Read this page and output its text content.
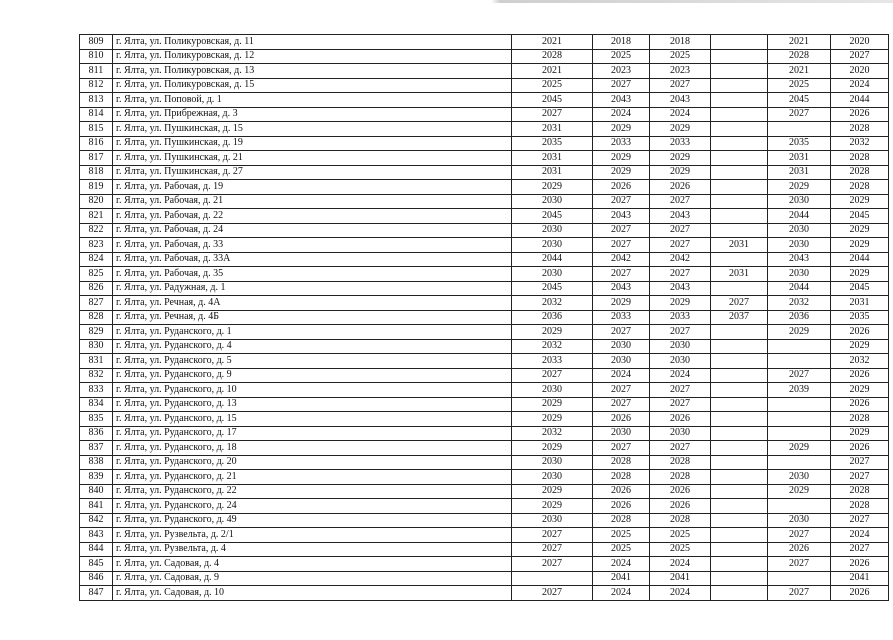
809	г. Ялта, ул. Поликуровская, д. 11	2021	2018	2018		2021	2020
810	г. Ялта, ул. Поликуровская, д. 12	2028	2025	2025		2028	2027
811	г. Ялта, ул. Поликуровская, д. 13	2021	2023	2023		2021	2020
812	г. Ялта, ул. Поликуровская, д. 15	2025	2027	2027		2025	2024
813	г. Ялта, ул. Поповой, д. 1	2045	2043	2043		2045	2044
814	г. Ялта, ул. Прибрежная, д. 3	2027	2024	2024		2027	2026
815	г. Ялта, ул. Пушкинская, д. 15	2031	2029	2029			2028
816	г. Ялта, ул. Пушкинская, д. 19	2035	2033	2033		2035	2032
817	г. Ялта, ул. Пушкинская, д. 21	2031	2029	2029		2031	2028
818	г. Ялта, ул. Пушкинская, д. 27	2031	2029	2029		2031	2028
819	г. Ялта, ул. Рабочая, д. 19	2029	2026	2026		2029	2028
820	г. Ялта, ул. Рабочая, д. 21	2030	2027	2027		2030	2029
821	г. Ялта, ул. Рабочая, д. 22	2045	2043	2043		2044	2045
822	г. Ялта, ул. Рабочая, д. 24	2030	2027	2027		2030	2029
823	г. Ялта, ул. Рабочая, д. 33	2030	2027	2027	2031	2030	2029
824	г. Ялта, ул. Рабочая, д. 33А	2044	2042	2042		2043	2044
825	г. Ялта, ул. Рабочая, д. 35	2030	2027	2027	2031	2030	2029
826	г. Ялта, ул. Радужная, д. 1	2045	2043	2043		2044	2045
827	г. Ялта, ул. Речная, д. 4А	2032	2029	2029	2027	2032	2031
828	г. Ялта, ул. Речная, д. 4Б	2036	2033	2033	2037	2036	2035
829	г. Ялта, ул. Руданского, д. 1	2029	2027	2027		2029	2026
830	г. Ялта, ул. Руданского, д. 4	2032	2030	2030			2029
831	г. Ялта, ул. Руданского, д. 5	2033	2030	2030			2032
832	г. Ялта, ул. Руданского, д. 9	2027	2024	2024		2027	2026
833	г. Ялта, ул. Руданского, д. 10	2030	2027	2027		2039	2029
834	г. Ялта, ул. Руданского, д. 13	2029	2027	2027			2026
835	г. Ялта, ул. Руданского, д. 15	2029	2026	2026			2028
836	г. Ялта, ул. Руданского, д. 17	2032	2030	2030			2029
837	г. Ялта, ул. Руданского, д. 18	2029	2027	2027		2029	2026
838	г. Ялта, ул. Руданского, д. 20	2030	2028	2028			2027
839	г. Ялта, ул. Руданского, д. 21	2030	2028	2028		2030	2027
840	г. Ялта, ул. Руданского, д. 22	2029	2026	2026		2029	2028
841	г. Ялта, ул. Руданского, д. 24	2029	2026	2026			2028
842	г. Ялта, ул. Руданского, д. 49	2030	2028	2028		2030	2027
843	г. Ялта, ул. Рузвельта, д. 2/1	2027	2025	2025		2027	2024
844	г. Ялта, ул. Рузвельта, д. 4	2027	2025	2025		2026	2027
845	г. Ялта, ул. Садовая, д. 4	2027	2024	2024		2027	2026
846	г. Ялта, ул. Садовая, д. 9		2041	2041			2041
847	г. Ялта, ул. Садовая, д. 10	2027	2024	2024		2027	2026
